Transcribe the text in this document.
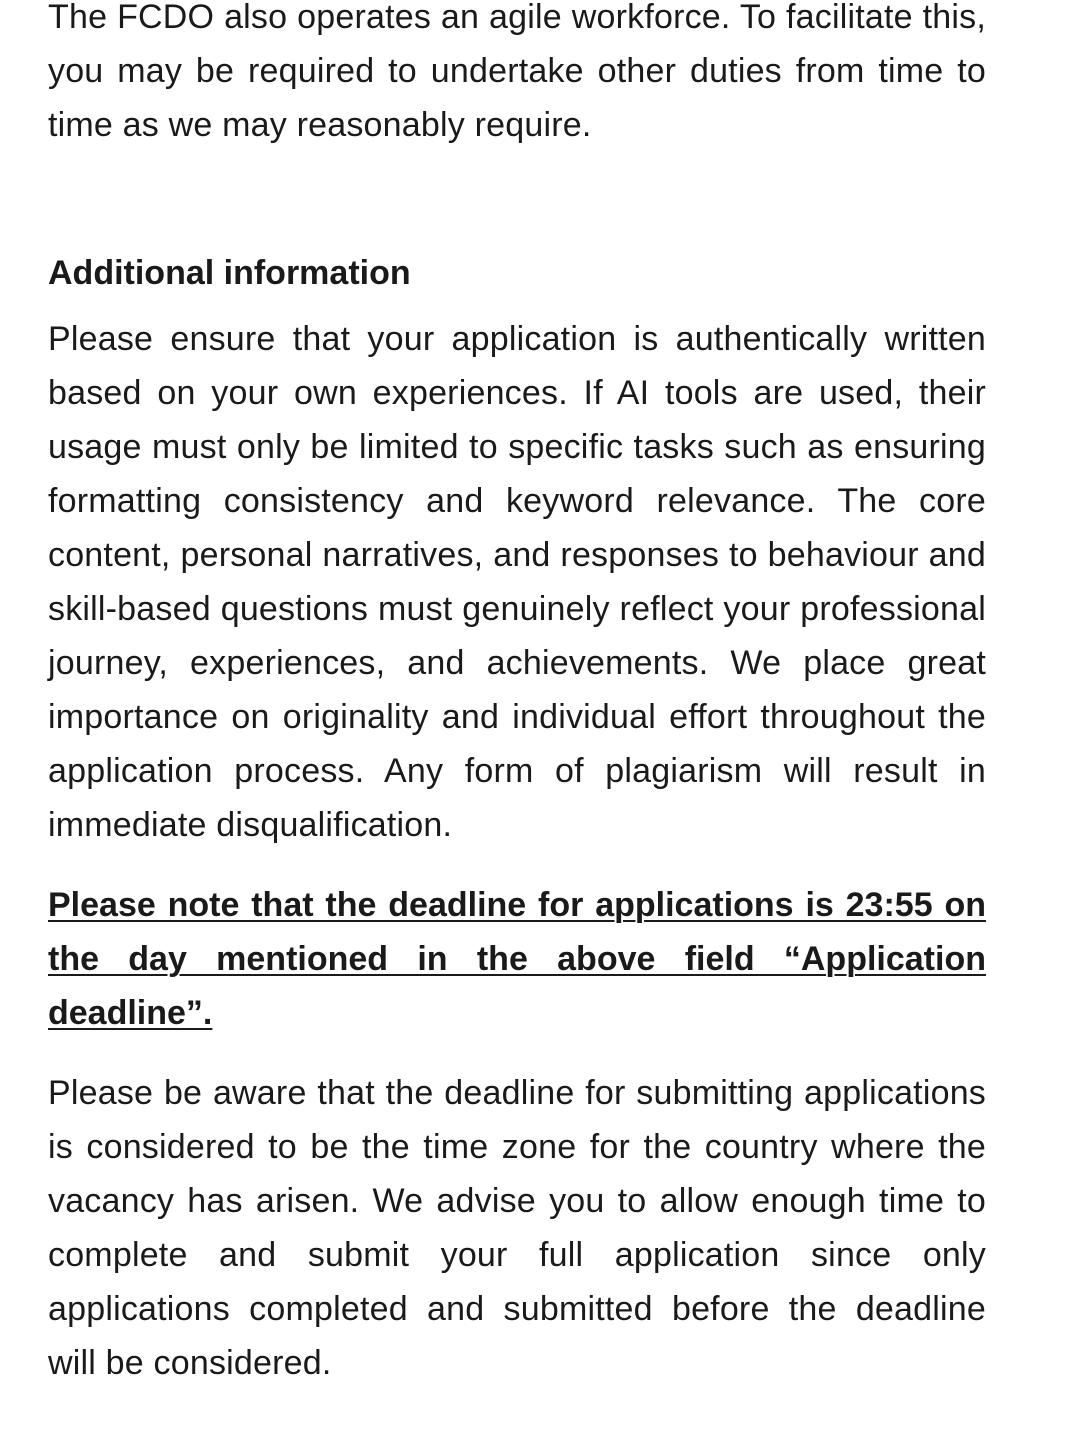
The FCDO also operates an agile workforce. To facilitate this, you may be required to undertake other duties from time to time as we may reasonably require.

Additional information

Please ensure that your application is authentically written based on your own experiences. If AI tools are used, their usage must only be limited to specific tasks such as ensuring formatting consistency and keyword relevance. The core content, personal narratives, and responses to behaviour and skill-based questions must genuinely reflect your professional journey, experiences, and achievements. We place great importance on originality and individual effort throughout the application process. Any form of plagiarism will result in immediate disqualification.

Please note that the deadline for applications is 23:55 on the day mentioned in the above field “Application deadline”.

Please be aware that the deadline for submitting applications is considered to be the time zone for the country where the vacancy has arisen. We advise you to allow enough time to complete and submit your full application since only applications completed and submitted before the deadline will be considered.
